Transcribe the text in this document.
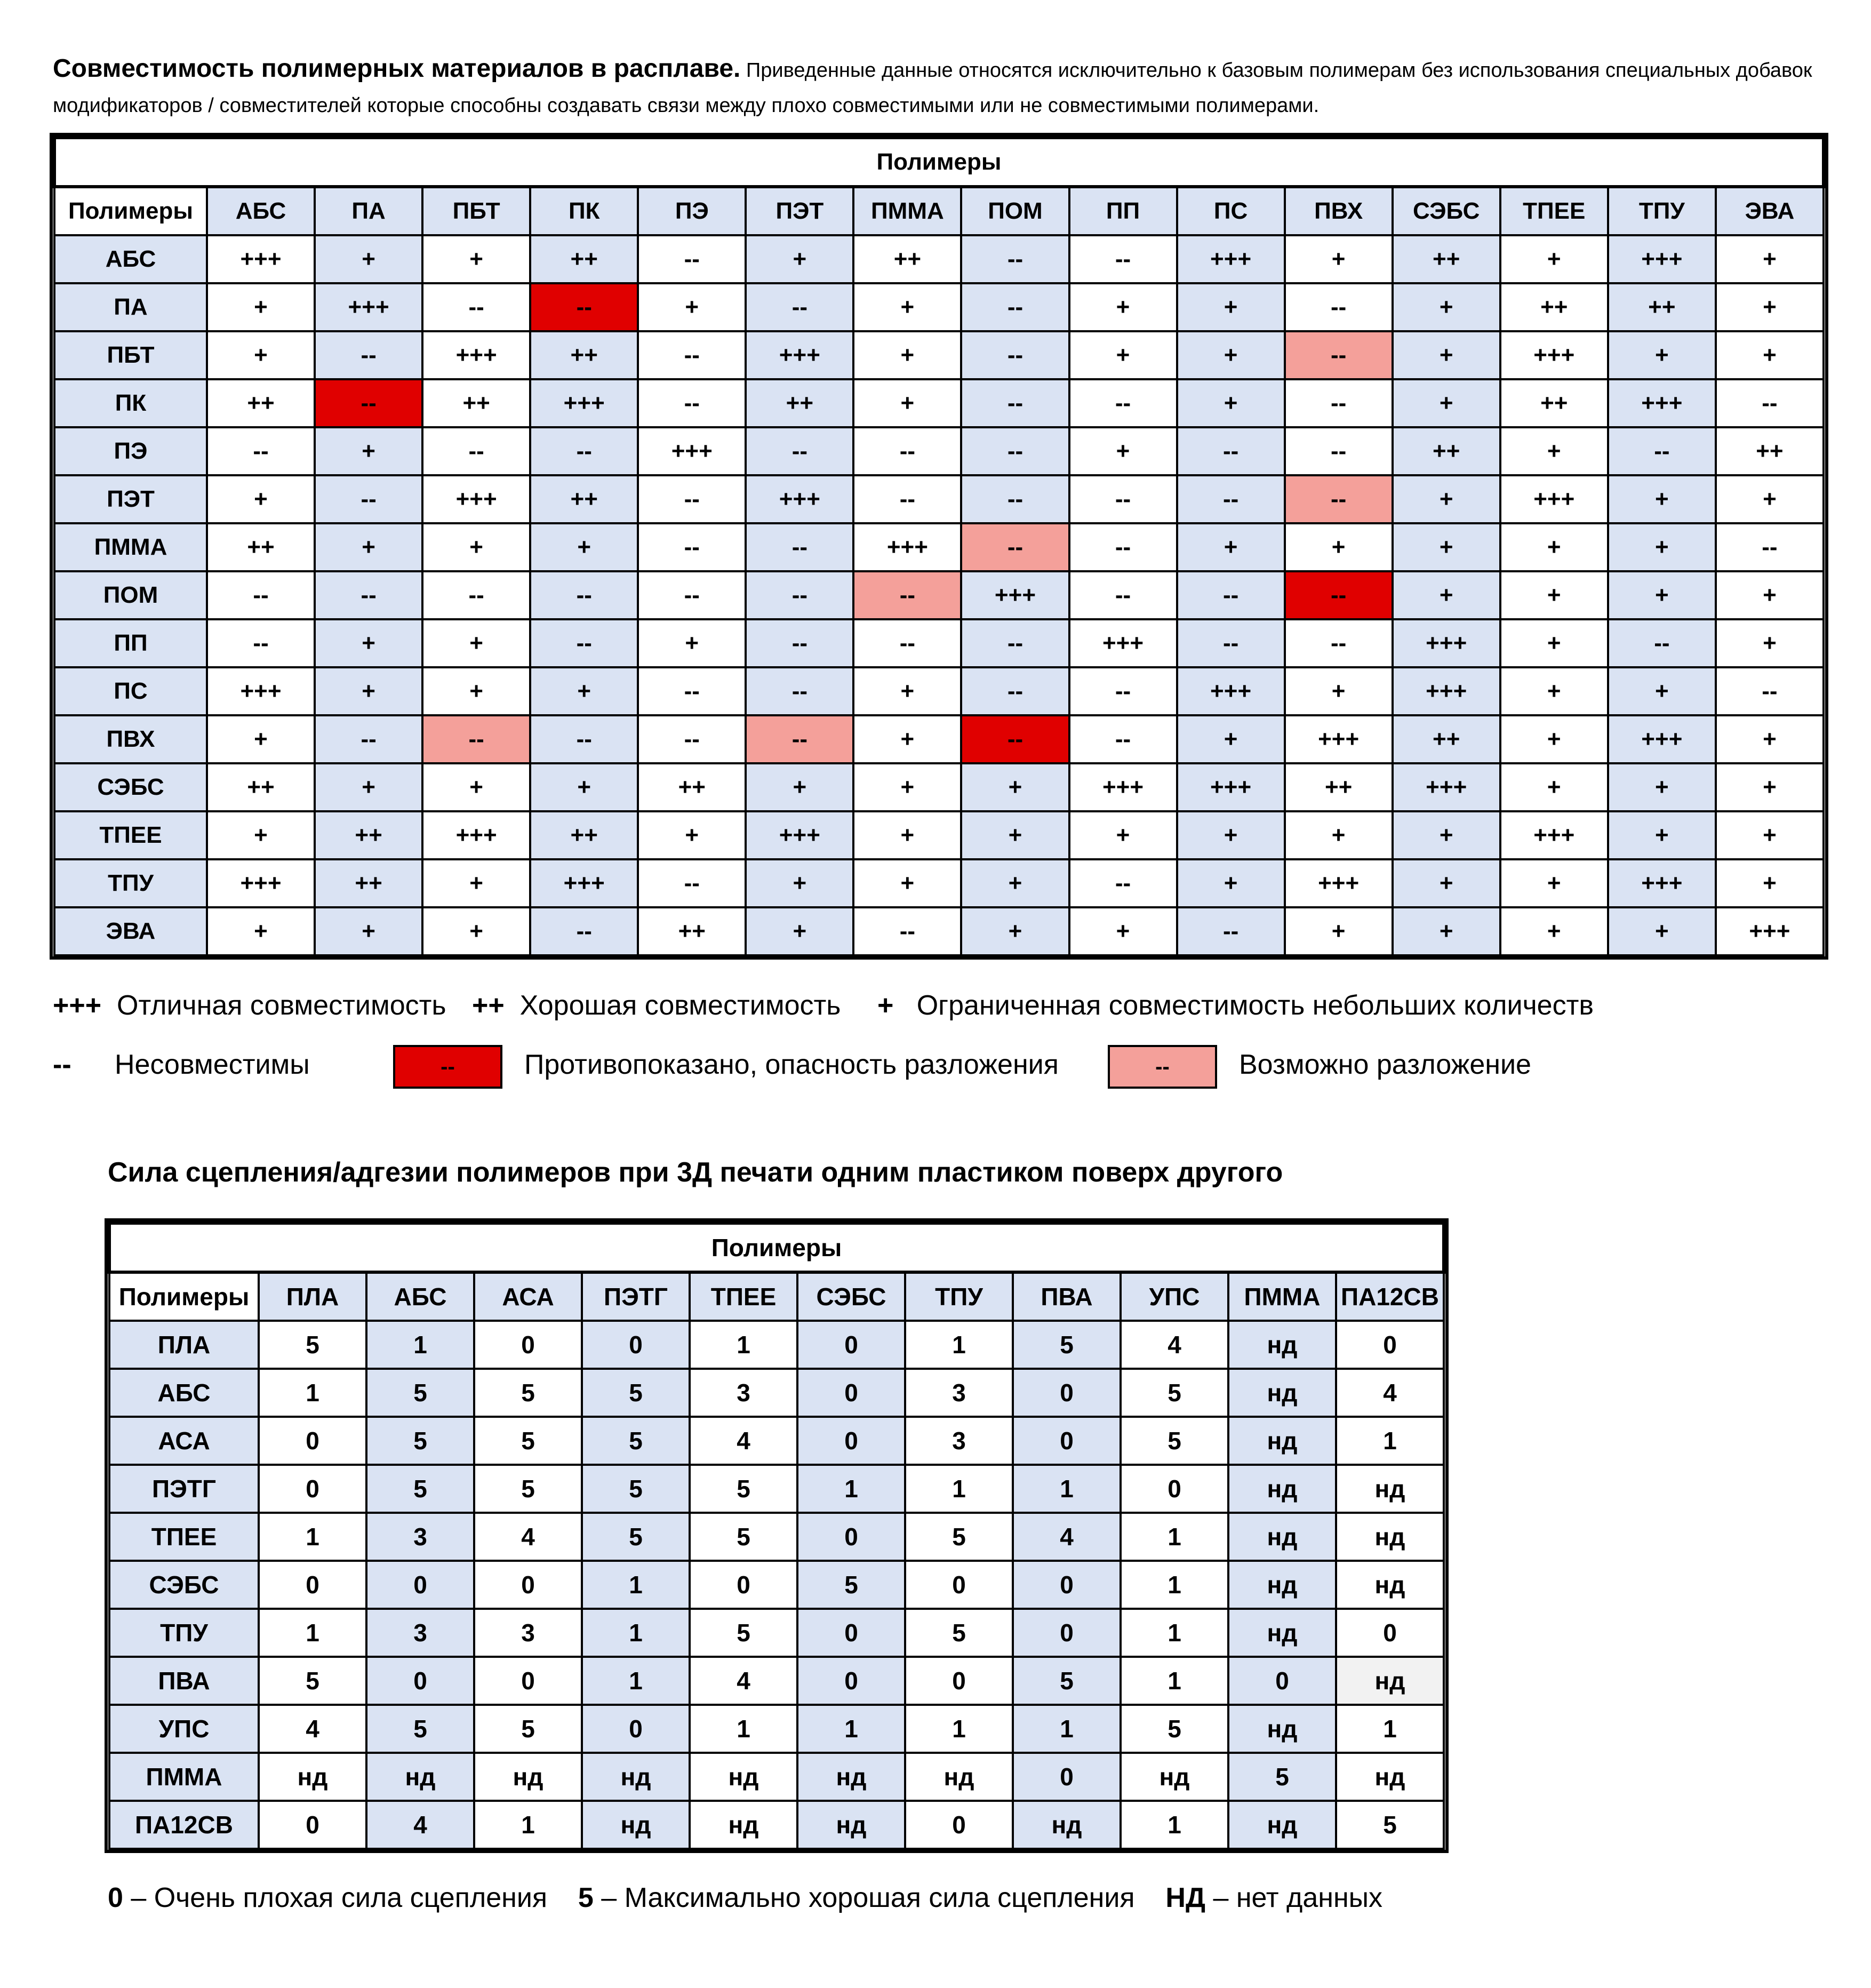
Совместимость полимерных материалов в расплаве. Приведенные данные относятся исключительно к базовым полимерам без использования специальных добавок модификаторов / совместителей которые способны создавать связи между плохо совместимыми или не совместимыми полимерами.
Полимеры															
Полимеры	АБС	ПА	ПБТ	ПК	ПЭ	ПЭТ	ПММА	ПОМ	ПП	ПС	ПВХ	СЭБС	ТПЕЕ	ТПУ	ЭВА
АБС	+++	+	+	++	--	+	++	--	--	+++	+	++	+	+++	+
ПА	+	+++	--	--	+	--	+	--	+	+	--	+	++	++	+
ПБТ	+	--	+++	++	--	+++	+	--	+	+	--	+	+++	+	+
ПК	++	--	++	+++	--	++	+	--	--	+	--	+	++	+++	--
ПЭ	--	+	--	--	+++	--	--	--	+	--	--	++	+	--	++
ПЭТ	+	--	+++	++	--	+++	--	--	--	--	--	+	+++	+	+
ПММА	++	+	+	+	--	--	+++	--	--	+	+	+	+	+	--
ПОМ	--	--	--	--	--	--	--	+++	--	--	--	+	+	+	+
ПП	--	+	+	--	+	--	--	--	+++	--	--	+++	+	--	+
ПС	+++	+	+	+	--	--	+	--	--	+++	+	+++	+	+	--
ПВХ	+	--	--	--	--	--	+	--	--	+	+++	++	+	+++	+
СЭБС	++	+	+	+	++	+	+	+	+++	+++	++	+++	+	+	+
ТПЕЕ	+	++	+++	++	+	+++	+	+	+	+	+	+	+++	+	+
ТПУ	+++	++	+	+++	--	+	+	+	--	+	+++	+	+	+++	+
ЭВА	+	+	+	--	++	+	--	+	+	--	+	+	+	+	+++
+++ Отличная совместимость ++ Хорошая совместимость + Ограниченная совместимость небольших количеств
-- Несовместимы	--	Противопоказано, опасность разложения	--	Возможно разложение
Сила сцепления/адгезии полимеров при 3Д печати одним пластиком поверх другого
Полимеры											
Полимеры	ПЛА	АБС	АСА	ПЭТГ	ТПЕЕ	СЭБС	ТПУ	ПВА	УПС	ПММА	ПА12СВ
ПЛА	5	1	0	0	1	0	1	5	4	нд	0
АБС	1	5	5	5	3	0	3	0	5	нд	4
АСА	0	5	5	5	4	0	3	0	5	нд	1
ПЭТГ	0	5	5	5	5	1	1	1	0	нд	нд
ТПЕЕ	1	3	4	5	5	0	5	4	1	нд	нд
СЭБС	0	0	0	1	0	5	0	0	1	нд	нд
ТПУ	1	3	3	1	5	0	5	0	1	нд	0
ПВА	5	0	0	1	4	0	0	5	1	0	нд
УПС	4	5	5	0	1	1	1	1	5	нд	1
ПММА	нд	нд	нд	нд	нд	нд	нд	0	нд	5	нд
ПА12СВ	0	4	1	нд	нд	нд	0	нд	1	нд	5
0 – Очень плохая сила сцепления 5 – Максимально хорошая сила сцепления НД – нет данных
